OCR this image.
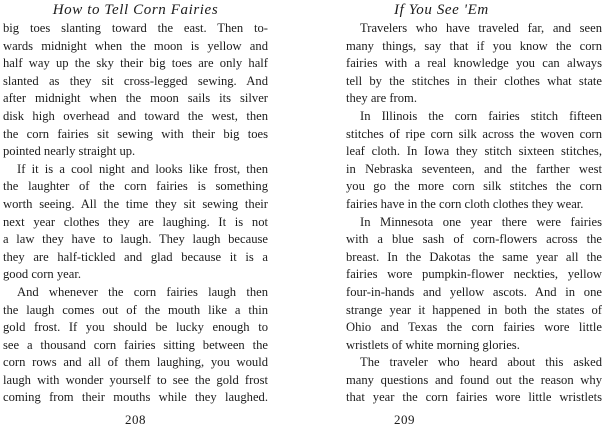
How to Tell Corn Fairies
big toes slanting toward the east. Then to-
wards midnight when the moon is yellow and
half way up the sky their big toes are only half
slanted as they sit cross-legged sewing. And
after midnight when the moon sails its silver
disk high overhead and toward the west, then
the corn fairies sit sewing with their big toes
pointed nearly straight up.
If it is a cool night and looks like frost, then
the laughter of the corn fairies is something
worth seeing. All the time they sit sewing their
next year clothes they are laughing. It is not
a law they have to laugh. They laugh because
they are half-tickled and glad because it is a
good corn year.
And whenever the corn fairies laugh then
the laugh comes out of the mouth like a thin
gold frost. If you should be lucky enough to
see a thousand corn fairies sitting between the
corn rows and all of them laughing, you would
laugh with wonder yourself to see the gold frost
coming from their mouths while they laughed.
208
If You See 'Em
Travelers who have traveled far, and seen
many things, say that if you know the corn
fairies with a real knowledge you can always
tell by the stitches in their clothes what state
they are from.
In Illinois the corn fairies stitch fifteen
stitches of ripe corn silk across the woven corn
leaf cloth. In Iowa they stitch sixteen stitches,
in Nebraska seventeen, and the farther west
you go the more corn silk stitches the corn
fairies have in the corn cloth clothes they wear.
In Minnesota one year there were fairies
with a blue sash of corn-flowers across the
breast. In the Dakotas the same year all the
fairies wore pumpkin-flower neckties, yellow
four-in-hands and yellow ascots. And in one
strange year it happened in both the states of
Ohio and Texas the corn fairies wore little
wristlets of white morning glories.
The traveler who heard about this asked
many questions and found out the reason why
that year the corn fairies wore little wristlets
209
